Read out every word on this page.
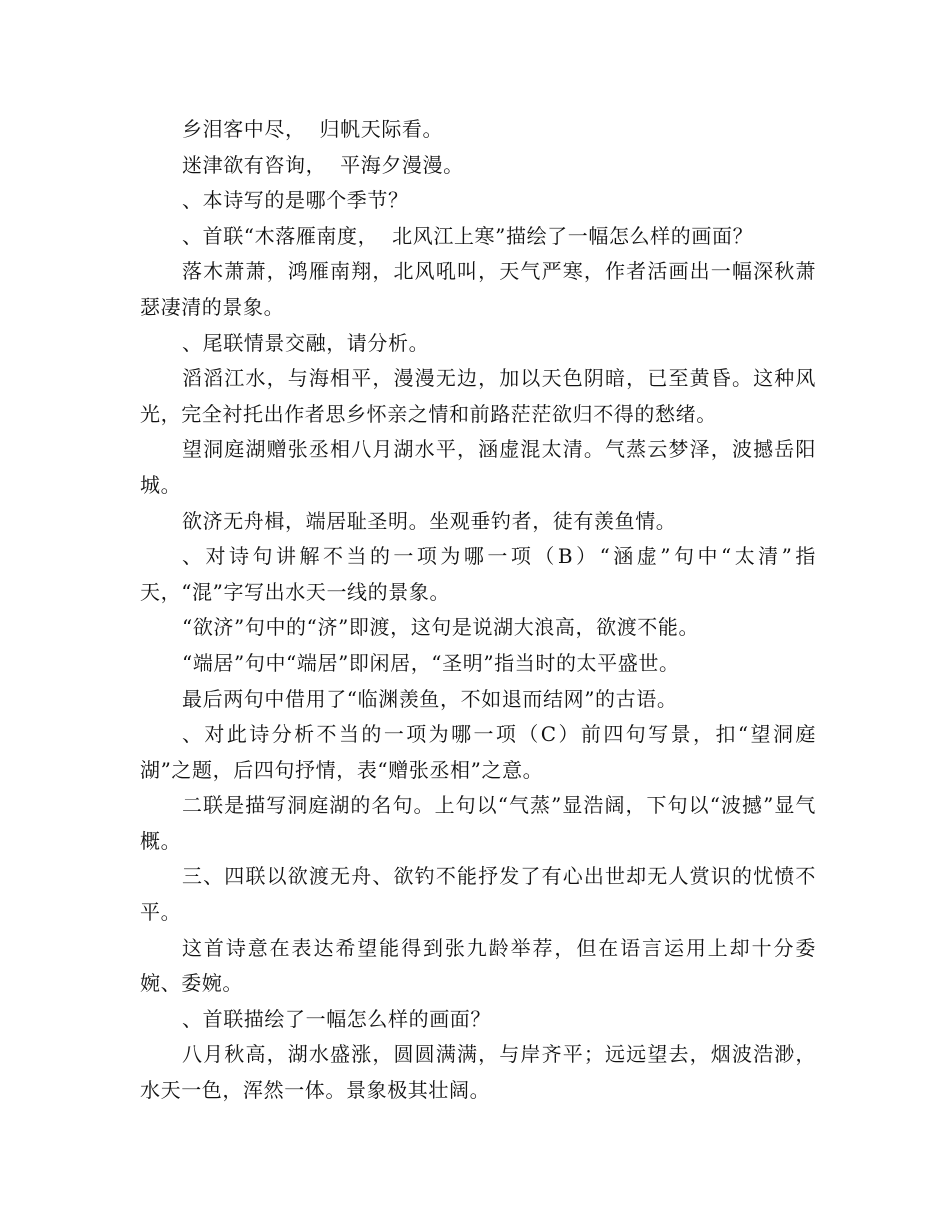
乡泪客中尽，  归帆天际看。

迷津欲有咨询，  平海夕漫漫。

、本诗写的是哪个季节？

、首联“木落雁南度，  北风江上寒”描绘了一幅怎么样的画面？

落木萧萧，鸿雁南翔，北风吼叫，天气严寒，作者活画出一幅深秋萧瑟凄清的景象。

、尾联情景交融，请分析。

滔滔江水，与海相平，漫漫无边，加以天色阴暗，已至黄昏。这种风光，完全衬托出作者思乡怀亲之情和前路茫茫欲归不得的愁绪。

望洞庭湖赠张丞相八月湖水平，涵虚混太清。气蒸云梦泽，波撼岳阳城。

欲济无舟楫，端居耻圣明。坐观垂钓者，徒有羡鱼情。

、对诗句讲解不当的一项为哪一项（B）“涵虚”句中“太清”指天，“混”字写出水天一线的景象。

“欲济”句中的“济”即渡，这句是说湖大浪高，欲渡不能。

“端居”句中“端居”即闲居，“圣明”指当时的太平盛世。

最后两句中借用了“临渊羡鱼，不如退而结网”的古语。

、对此诗分析不当的一项为哪一项（C）前四句写景，扣“望洞庭湖”之题，后四句抒情，表“赠张丞相”之意。

二联是描写洞庭湖的名句。上句以“气蒸”显浩阔，下句以“波撼”显气概。

三、四联以欲渡无舟、欲钓不能抒发了有心出世却无人赏识的忧愤不平。

这首诗意在表达希望能得到张九龄举荐，但在语言运用上却十分委婉、委婉。

、首联描绘了一幅怎么样的画面？

八月秋高，湖水盛涨，圆圆满满，与岸齐平；远远望去，烟波浩渺，水天一色，浑然一体。景象极其壮阔。
